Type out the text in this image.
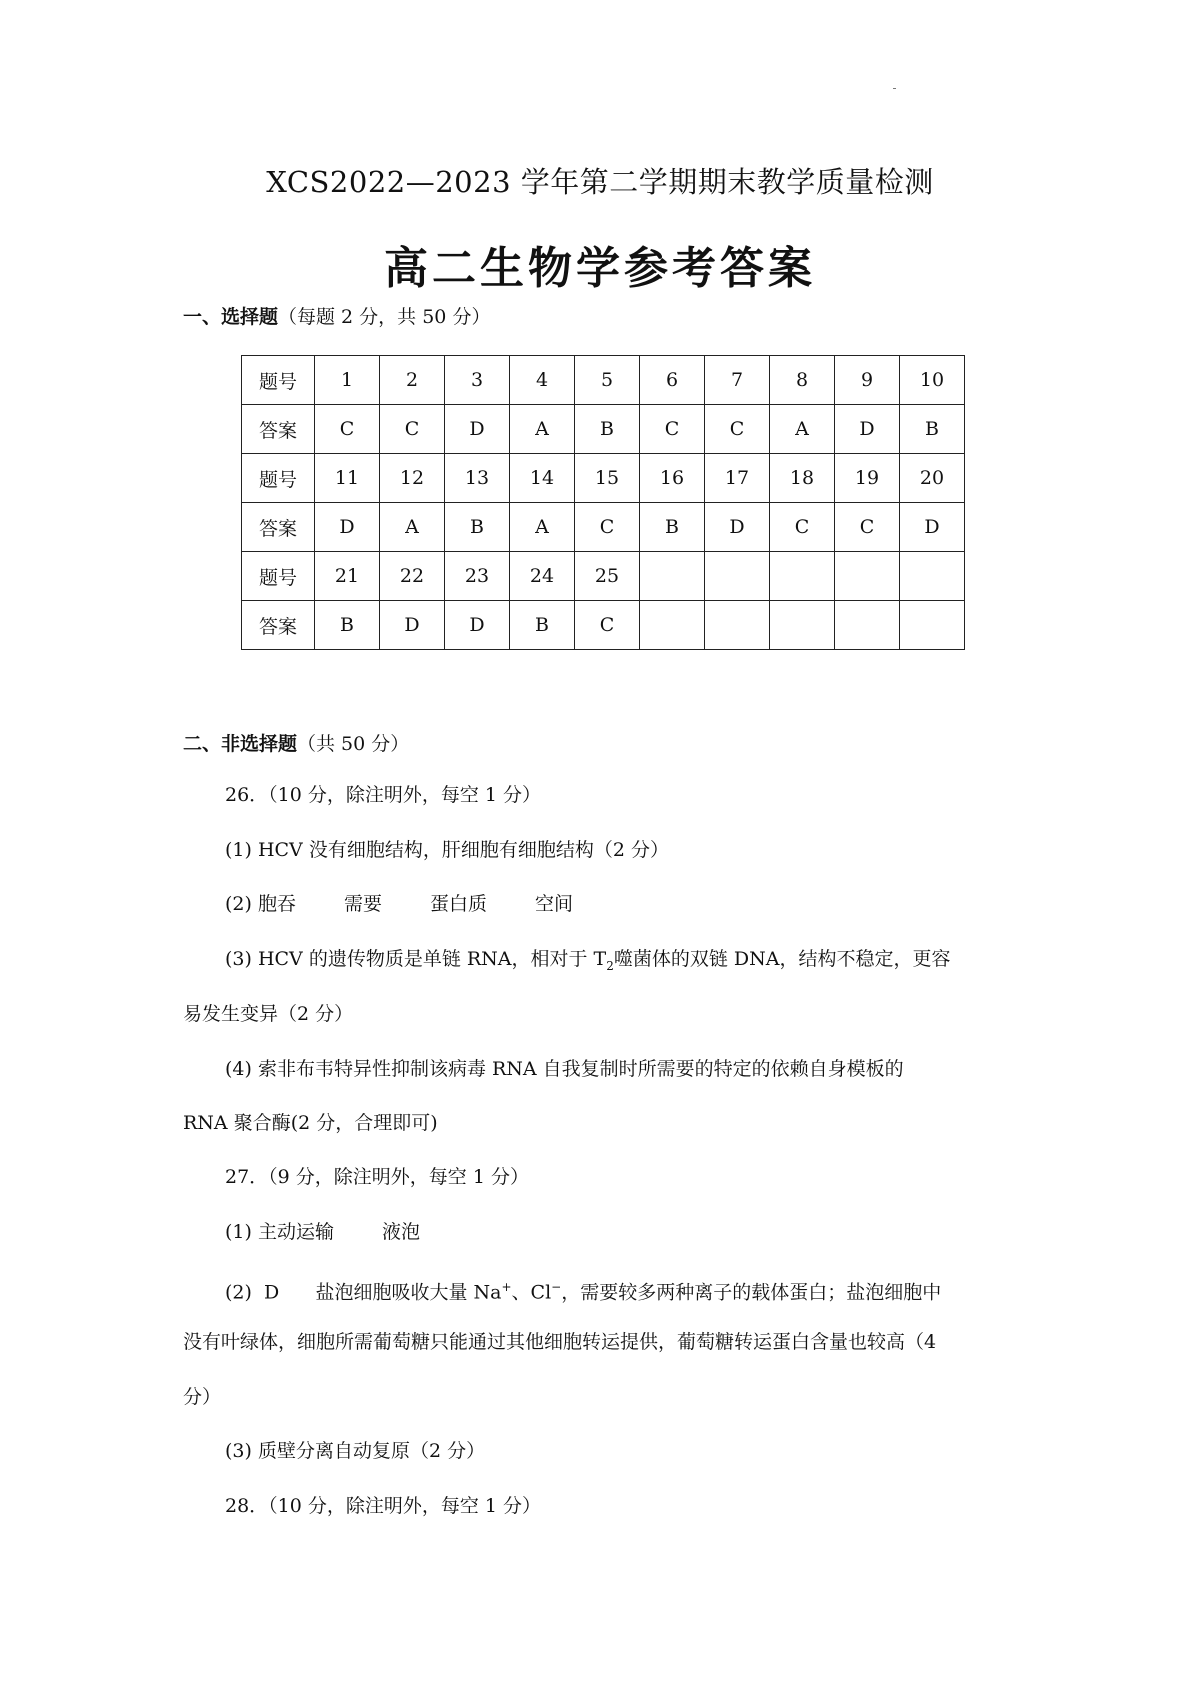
XCS2022—2023 学年第二学期期末教学质量检测
高二生物学参考答案
一、选择题（每题 2 分，共 50 分）
题号	1	2	3	4	5	6	7	8	9	10
答案	C	C	D	A	B	C	C	A	D	B
题号	11	12	13	14	15	16	17	18	19	20
答案	D	A	B	A	C	B	D	C	C	D
题号	21	22	23	24	25					
答案	B	D	D	B	C					
二、非选择题（共 50 分）
26．（10 分，除注明外，每空 1 分）
(1) HCV 没有细胞结构，肝细胞有细胞结构（2 分）
(2) 胞吞	需要	蛋白质	空间
(3) HCV 的遗传物质是单链 RNA，相对于 $T_2$噬菌体的双链 DNA，结构不稳定，更容
易发生变异（2 分）
(4) 索非布韦特异性抑制该病毒 RNA 自我复制时所需要的特定的依赖自身模板的
RNA 聚合酶(2 分，合理即可)
27．（9 分，除注明外，每空 1 分）
(1) 主动运输	液泡
(2)  D      盐泡细胞吸收大量 Na+、Cl−，需要较多两种离子的载体蛋白；盐泡细胞中
没有叶绿体，细胞所需葡萄糖只能通过其他细胞转运提供，葡萄糖转运蛋白含量也较高（4
分）
(3) 质壁分离自动复原（2 分）
28．（10 分，除注明外，每空 1 分）
